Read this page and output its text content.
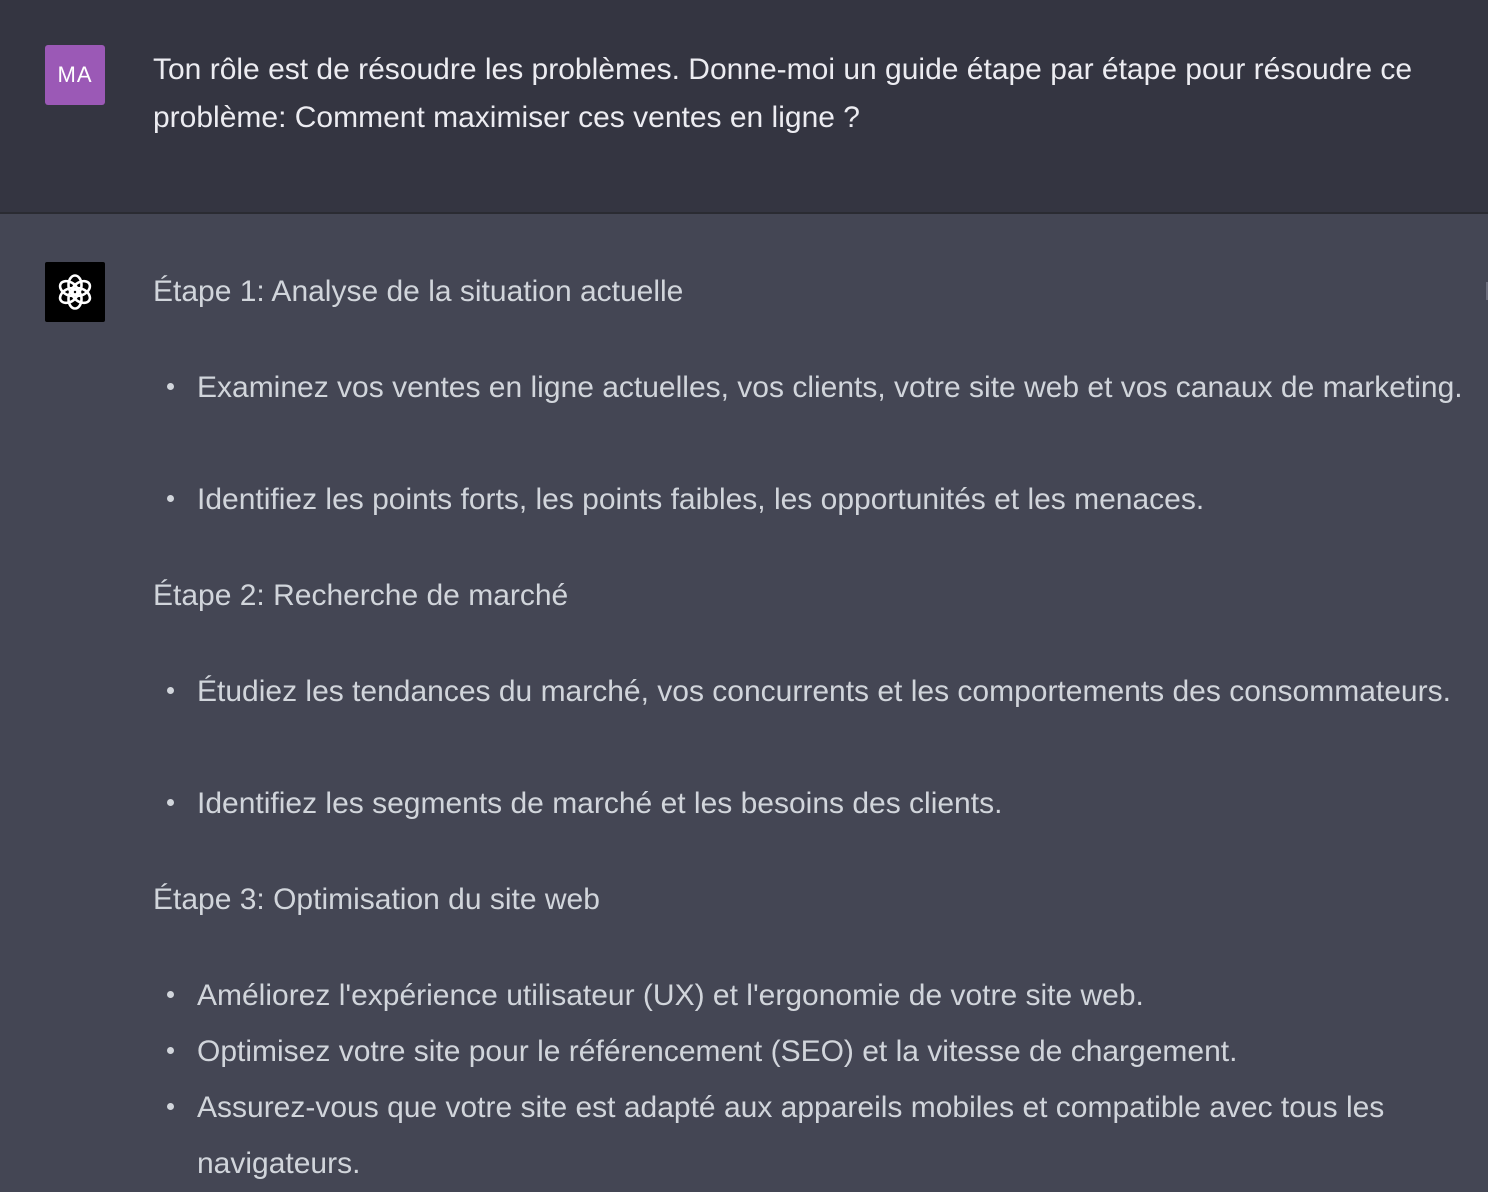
MA	Ton rôle est de résoudre les problèmes. Donne-moi un guide étape par étape pour résoudre ce problème: Comment maximiser ces ventes en ligne ?
Étape 1: Analyse de la situation actuelle
Examinez vos ventes en ligne actuelles, vos clients, votre site web et vos canaux de marketing.
Identifiez les points forts, les points faibles, les opportunités et les menaces.
Étape 2: Recherche de marché
Étudiez les tendances du marché, vos concurrents et les comportements des consommateurs.
Identifiez les segments de marché et les besoins des clients.
Étape 3: Optimisation du site web
Améliorez l'expérience utilisateur (UX) et l'ergonomie de votre site web.
Optimisez votre site pour le référencement (SEO) et la vitesse de chargement.
Assurez-vous que votre site est adapté aux appareils mobiles et compatible avec tous les navigateurs.
